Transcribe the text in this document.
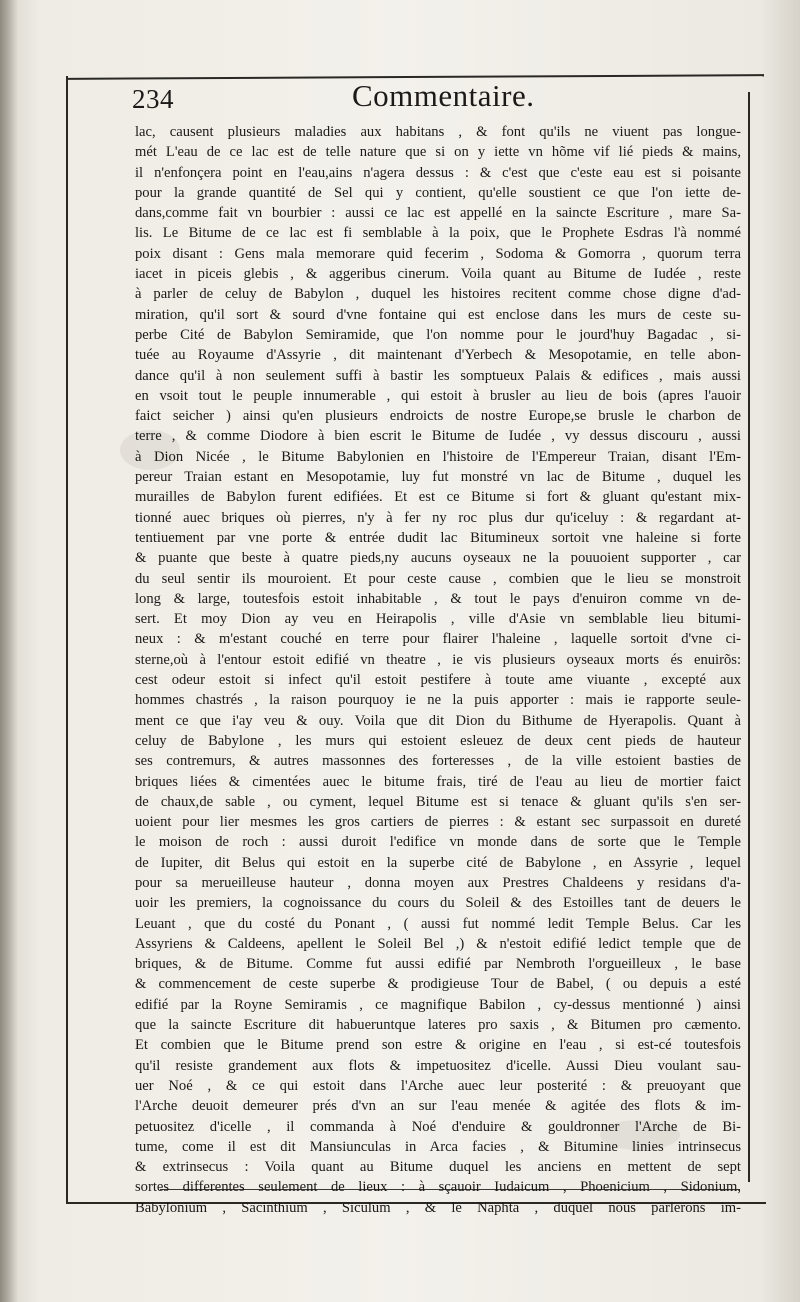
234	Commentaire.
lac, causent plusieurs maladies aux habitans , & font qu'ils ne viuent pas longue-
mét L'eau de ce lac est de telle nature que si on y iette vn hõme vif lié pieds & mains,
il n'enfonçera point en l'eau,ains n'agera dessus : & c'est que c'este eau est si poisante
pour la grande quantité de Sel qui y contient, qu'elle soustient ce que l'on iette de-
dans,comme fait vn bourbier : aussi ce lac est appellé en la saincte Escriture , mare Sa-
lis. Le Bitume de ce lac est fi semblable à la poix, que le Prophete Esdras l'à nommé
poix disant : Gens mala memorare quid fecerim , Sodoma & Gomorra , quorum terra
iacet in piceis glebis , & aggeribus cinerum. Voila quant au Bitume de Iudée , reste
à parler de celuy de Babylon , duquel les histoires recitent comme chose digne d'ad-
miration, qu'il sort & sourd d'vne fontaine qui est enclose dans les murs de ceste su-
perbe Cité de Babylon Semiramide, que l'on nomme pour le jourd'huy Bagadac , si-
tuée au Royaume d'Assyrie , dit maintenant d'Yerbech & Mesopotamie, en telle abon-
dance qu'il à non seulement suffi à bastir les somptueux Palais & edifices , mais aussi
en vsoit tout le peuple innumerable , qui estoit à brusler au lieu de bois (apres l'auoir
faict seicher ) ainsi qu'en plusieurs endroicts de nostre Europe,se brusle le charbon de
terre , & comme Diodore à bien escrit le Bitume de Iudée , vy dessus discouru , aussi
à Dion Nicée , le Bitume Babylonien en l'histoire de l'Empereur Traian, disant l'Em-
pereur Traian estant en Mesopotamie, luy fut monstré vn lac de Bitume , duquel les
murailles de Babylon furent edifiées. Et est ce Bitume si fort & gluant qu'estant mix-
tionné auec briques où pierres, n'y à fer ny roc plus dur qu'iceluy : & regardant at-
tentiuement par vne porte & entrée dudit lac Bitumineux sortoit vne haleine si forte
& puante que beste à quatre pieds,ny aucuns oyseaux ne la pouuoient supporter , car
du seul sentir ils mouroient. Et pour ceste cause , combien que le lieu se monstroit
long & large, toutesfois estoit inhabitable , & tout le pays d'enuiron comme vn de-
sert. Et moy Dion ay veu en Heirapolis , ville d'Asie vn semblable lieu bitumi-
neux : & m'estant couché en terre pour flairer l'haleine , laquelle sortoit d'vne ci-
sterne,où à l'entour estoit edifié vn theatre , ie vis plusieurs oyseaux morts és enuirõs:
cest odeur estoit si infect qu'il estoit pestifere à toute ame viuante , excepté aux
hommes chastrés , la raison pourquoy ie ne la puis apporter : mais ie rapporte seule-
ment ce que i'ay veu & ouy. Voila que dit Dion du Bithume de Hyerapolis. Quant à
celuy de Babylone , les murs qui estoient esleuez de deux cent pieds de hauteur
ses contremurs, & autres massonnes des forteresses , de la ville estoient basties de
briques liées & cimentées auec le bitume frais, tiré de l'eau au lieu de mortier faict
de chaux,de sable , ou cyment, lequel Bitume est si tenace & gluant qu'ils s'en ser-
uoient pour lier mesmes les gros cartiers de pierres : & estant sec surpassoit en dureté
le moison de roch : aussi duroit l'edifice vn monde dans de sorte que le Temple
de Iupiter, dit Belus qui estoit en la superbe cité de Babylone , en Assyrie , lequel
pour sa merueilleuse hauteur , donna moyen aux Prestres Chaldeens y residans d'a-
uoir les premiers, la cognoissance du cours du Soleil & des Estoilles tant de deuers le
Leuant , que du costé du Ponant , ( aussi fut nommé ledit Temple Belus. Car les
Assyriens & Caldeens, apellent le Soleil Bel ,) & n'estoit edifié ledict temple que de
briques, & de Bitume. Comme fut aussi edifié par Nembroth l'orgueilleux , le base
& commencement de ceste superbe & prodigieuse Tour de Babel, ( ou depuis a esté
edifié par la Royne Semiramis , ce magnifique Babilon , cy-dessus mentionné ) ainsi
que la saincte Escriture dit habueruntque lateres pro saxis , & Bitumen pro cæmento.
Et combien que le Bitume prend son estre & origine en l'eau , si est-cé toutesfois
qu'il resiste grandement aux flots & impetuositez d'icelle. Aussi Dieu voulant sau-
uer Noé , & ce qui estoit dans l'Arche auec leur posterité : & preuoyant que
l'Arche deuoit demeurer prés d'vn an sur l'eau menée & agitée des flots & im-
petuositez d'icelle , il commanda à Noé d'enduire & gouldronner l'Arche de Bi-
tume, come il est dit Mansiunculas in Arca facies , & Bitumine linies intrinsecus
& extrinsecus : Voila quant au Bitume duquel les anciens en mettent de sept
sortes differentes seulement de lieux : à sçauoir Iudaicum , Phoenicium , Sidonium,
Babylonium , Sacinthium , Siculum , & le Naphta , duquel nous parlerons im-
